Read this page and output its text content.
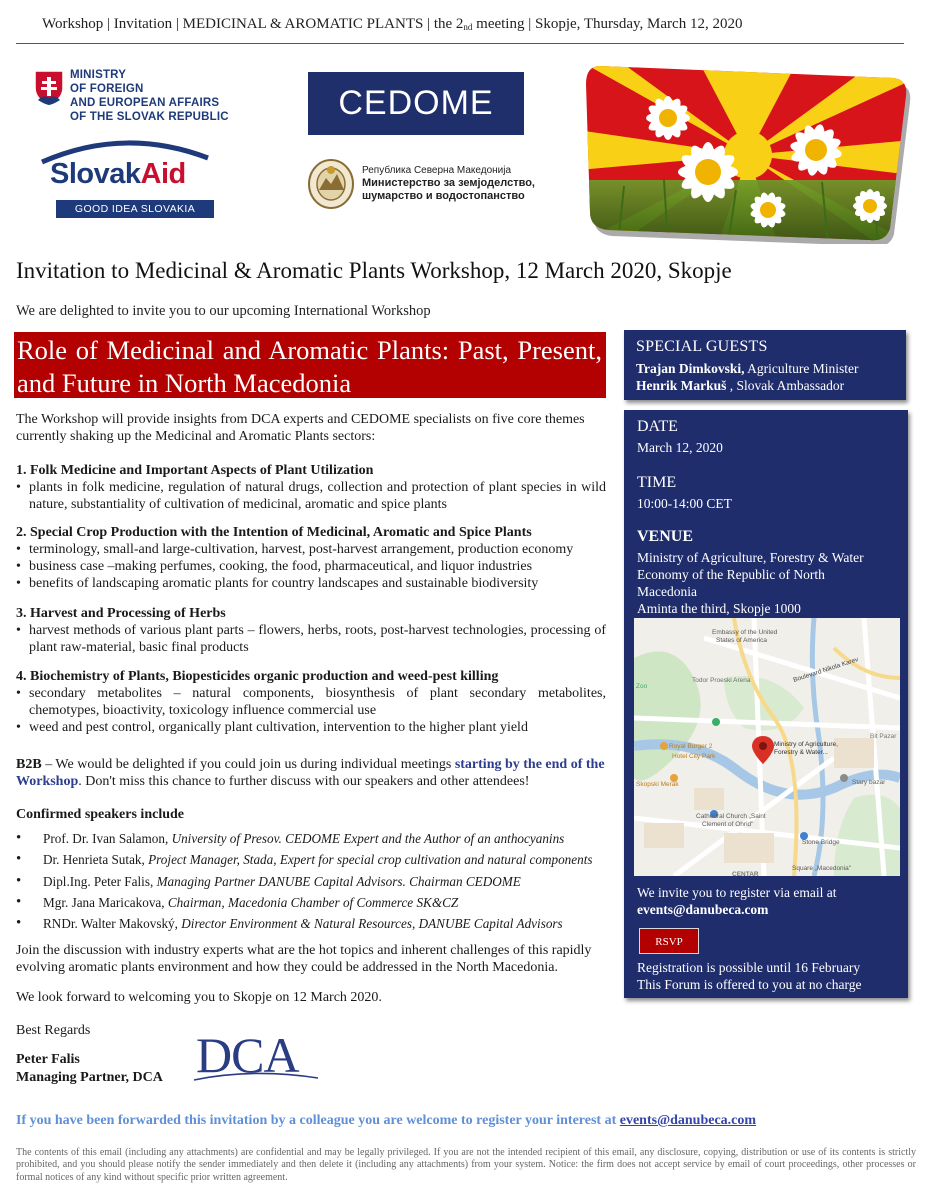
Workshop | Invitation | MEDICINAL & AROMATIC PLANTS | the $2_{nd}$ meeting | Skopje, Thursday, March 12, 2020
MINISTRY
OF FOREIGN
AND EUROPEAN AFFAIRS
OF THE SLOVAK REPUBLIC
SlovakAid
GOOD IDEA SLOVAKIA
CEDOME
Република Северна Македонија
Министерство за земјоделство,
шумарство и водостопанство
Invitation to Medicinal & Aromatic Plants Workshop, 12 March 2020, Skopje
We are delighted to invite you to our upcoming International Workshop
Role of Medicinal and Aromatic Plants: Past, Present, and Future in North Macedonia
The Workshop will provide insights from DCA experts and CEDOME specialists on five core themes currently shaking up the Medicinal and Aromatic Plants sectors:
1. Folk Medicine and Important Aspects of Plant Utilization
• plants in folk medicine, regulation of natural drugs, collection and protection of plant species in wild nature, substantiality of cultivation of medicinal, aromatic and spice plants
2. Special Crop Production with the Intention of Medicinal, Aromatic and Spice Plants
• terminology, small-and large-cultivation, harvest, post-harvest arrangement, production economy
• business case –making perfumes, cooking, the food, pharmaceutical, and liquor industries
• benefits of landscaping aromatic plants for country landscapes and sustainable biodiversity
3. Harvest and Processing of Herbs
• harvest methods of various plant parts – flowers, herbs, roots, post-harvest technologies, processing of plant raw-material, basic final products
4. Biochemistry of Plants, Biopesticides organic production and weed-pest killing
• secondary metabolites – natural components, biosynthesis of plant secondary metabolites, chemotypes, bioactivity, toxicology influence commercial use
• weed and pest control, organically plant cultivation, intervention to the higher plant yield
B2B – We would be delighted if you could join us during individual meetings starting by the end of the Workshop. Don't miss this chance to further discuss with our speakers and other attendees!
Confirmed speakers include
• Prof. Dr. Ivan Salamon, University of Presov. CEDOME Expert and the Author of an anthocyanins
• Dr. Henrieta Sutak, Project Manager, Stada, Expert for special crop cultivation and natural components
• Dipl.Ing. Peter Falis, Managing Partner DANUBE Capital Advisors. Chairman CEDOME
• Mgr. Jana Maricakova, Chairman, Macedonia Chamber of Commerce SK&CZ
• RNDr. Walter Makovský, Director Environment & Natural Resources, DANUBE Capital Advisors
Join the discussion with industry experts what are the hot topics and inherent challenges of this rapidly evolving aromatic plants environment and how they could be addressed in the North Macedonia.
We look forward to welcoming you to Skopje on 12 March 2020.
Best Regards
Peter Falis
Managing Partner, DCA DCA
If you have been forwarded this invitation by a colleague you are welcome to register your interest at events@danubeca.com
The contents of this email (including any attachments) are confidential and may be legally privileged. If you are not the intended recipient of this email, any disclosure, copying, distribution or use of its contents is strictly prohibited, and you should please notify the sender immediately and then delete it (including any attachments) from your system. Notice: the firm does not accept service by email of court proceedings, other processes or formal notices of any kind without specific prior written agreement.
SPECIAL GUESTS
Trajan Dimkovski, Agriculture Minister
Henrik Markuš , Slovak Ambassador
DATE
March 12, 2020
TIME
10:00-14:00 CET
VENUE
Ministry of Agriculture, Forestry & Water
Economy of the Republic of North
Macedonia
Aminta the third, Skopje 1000
Embassy of the United
States of America
Todor Proeski Arena
Royal Burger 2
Hotel City Park
Skopski Merak
Ministry of Agriculture,
Forestry & Water...
Stary bazar
Cathedral Church „Saint
Clement of Ohrid"
Stone Bridge
Square „Macedonia"
CENTAR
Zoo
Bit Pazar
Boulevard Nikola Karev
We invite you to register via email at
events@danubeca.com
RSVP
Registration is possible until 16 February
This Forum is offered to you at no charge
